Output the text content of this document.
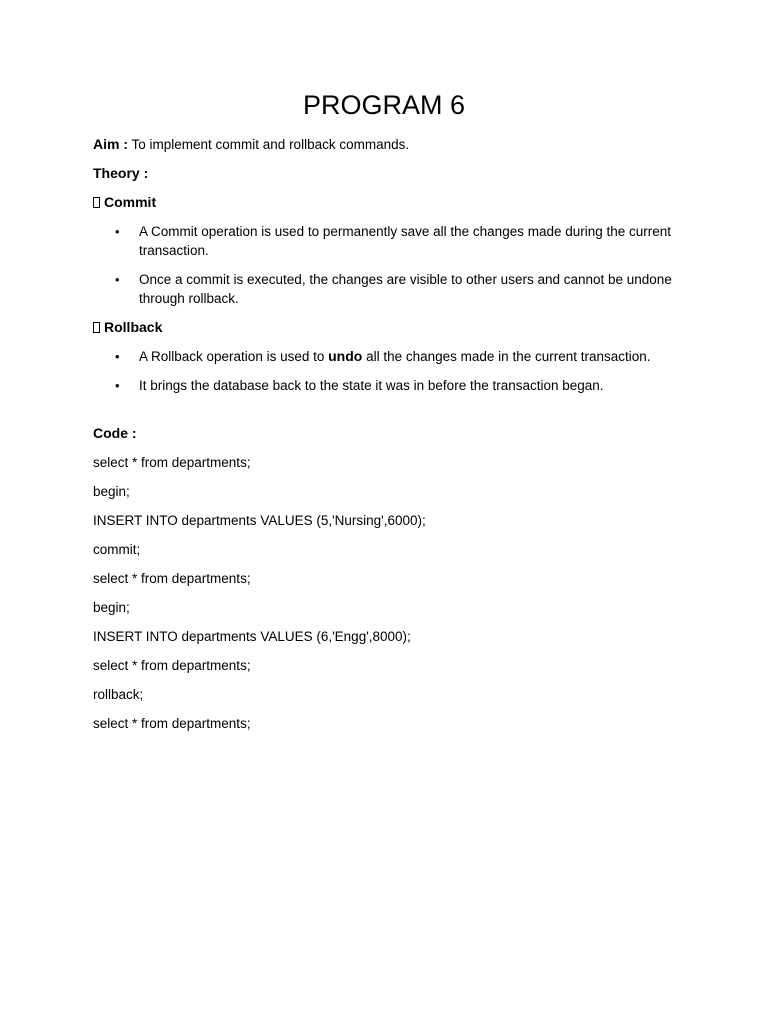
PROGRAM 6
Aim : To implement commit and rollback commands.
Theory :
Commit
• A Commit operation is used to permanently save all the changes made during the current transaction.
• Once a commit is executed, the changes are visible to other users and cannot be undone through rollback.
Rollback
• A Rollback operation is used to undo all the changes made in the current transaction.
• It brings the database back to the state it was in before the transaction began.
Code :
select * from departments;
begin;
INSERT INTO departments VALUES (5,'Nursing',6000);
commit;
select * from departments;
begin;
INSERT INTO departments VALUES (6,'Engg',8000);
select * from departments;
rollback;
select * from departments;
